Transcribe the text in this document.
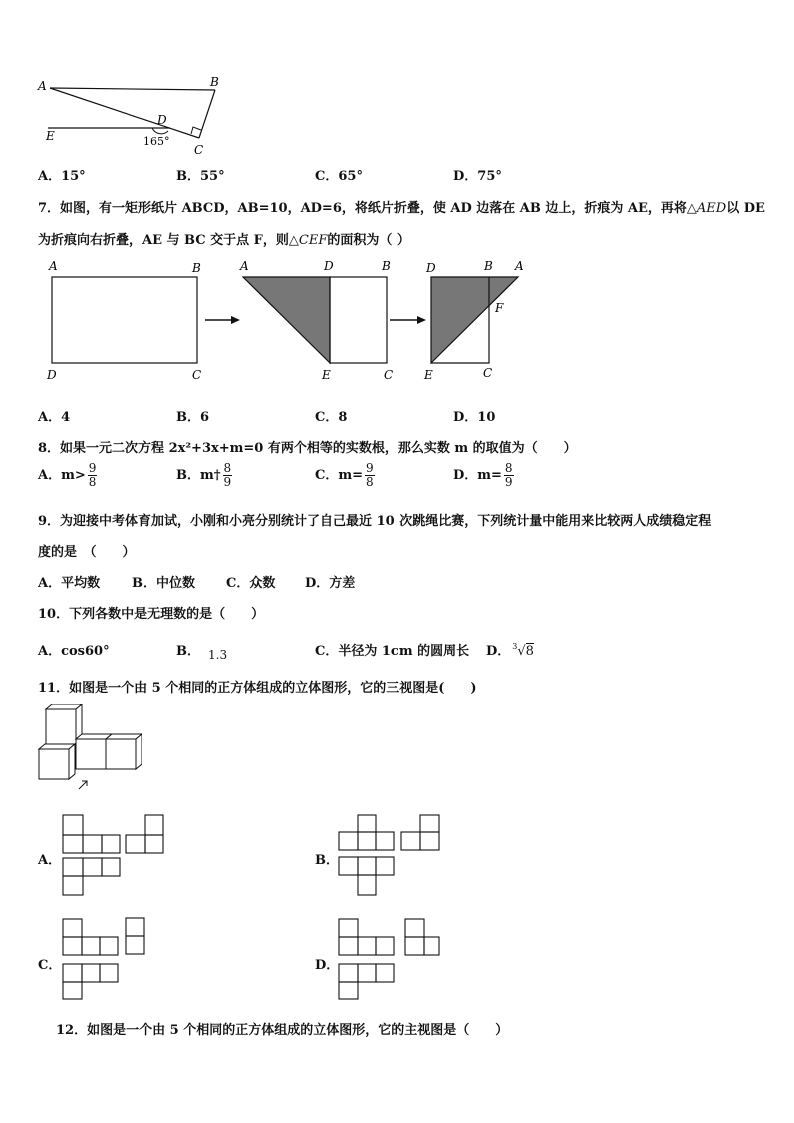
A	B
D
E
C
165°
A．15°	B．55°	C．65°	D．75°
7．如图，有一矩形纸片 ABCD，AB=10，AD=6，将纸片折叠，使 AD 边落在 AB 边上，折痕为 AE，再将△AED以 DE
为折痕向右折叠，AE 与 BC 交于点 F，则△CEF的面积为（ ）
A	B
D	C
A	D	B
E	C
D	B A
F
E	C
A．4	B．6	C．8	D．10
8．如果一元二次方程 2x²+3x+m=0 有两个相等的实数根，那么实数 m 的取值为（　　）
A．$m> \frac{9}{8}$	B．m† $\frac{8}{9}$	C．$m= \frac{9}{8}$	D．$m= \frac{8}{9}$
9．为迎接中考体育加试，小刚和小亮分别统计了自己最近 10 次跳绳比赛，下列统计量中能用来比较两人成绩稳定程
度的是　（　　）
A．平均数 B．中位数 C．众数 D．方差
10．下列各数中是无理数的是（　　）
A．cos60°	B． 1.3	C．半径为 1cm 的圆周长 D． $^3$√8
11．如图是一个由 5 个相同的正方体组成的立体图形，它的三视图是(　　)
A．	B．
C．	D．
12．如图是一个由 5 个相同的正方体组成的立体图形，它的主视图是（　　）
